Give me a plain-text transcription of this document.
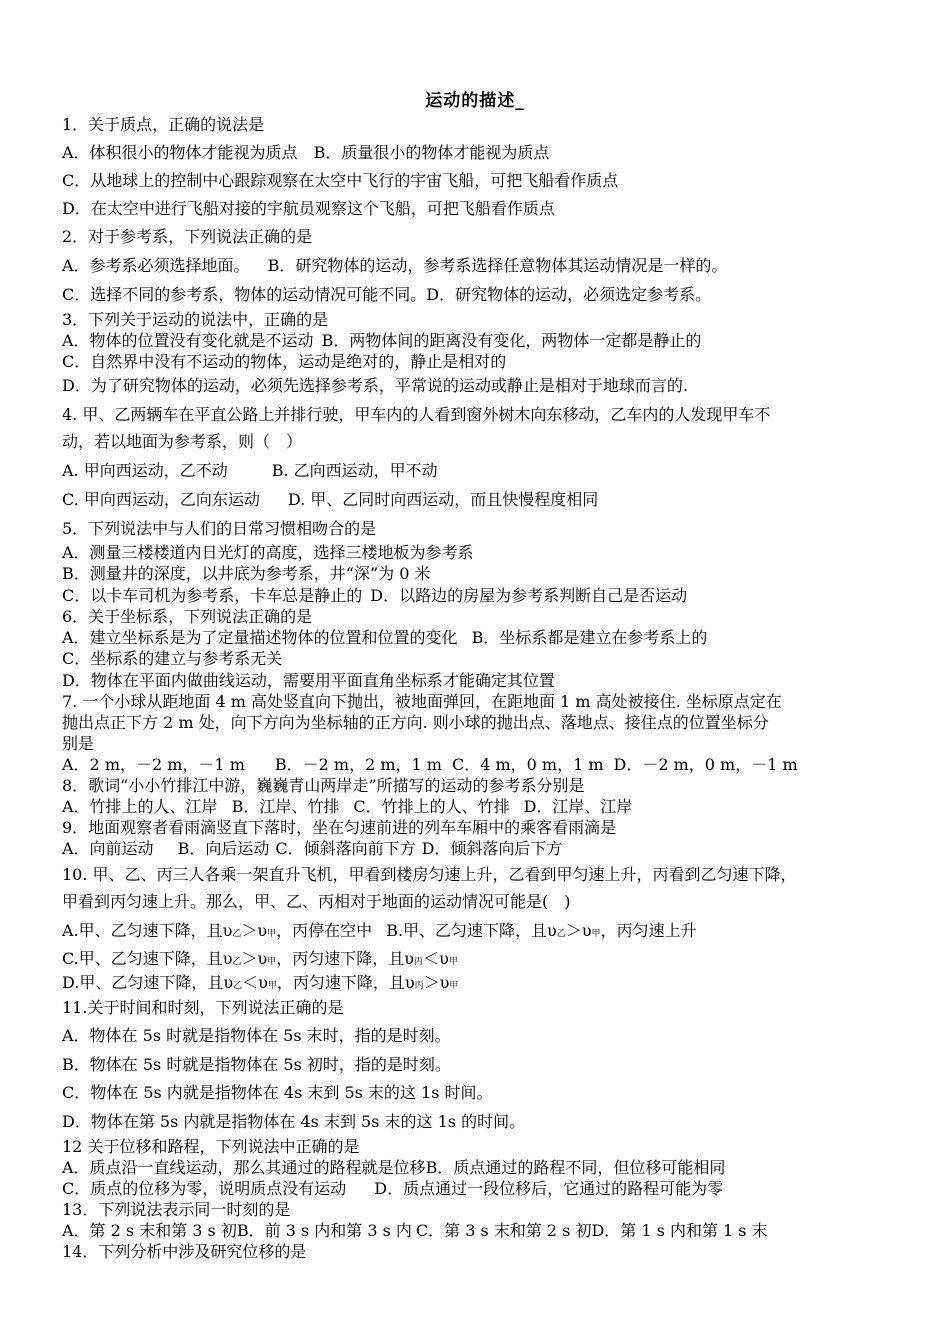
运动的描述_
1．关于质点，正确的说法是
A．体积很小的物体才能视为质点 B．质量很小的物体才能视为质点
C．从地球上的控制中心跟踪观察在太空中飞行的宇宙飞船，可把飞船看作质点
D．在太空中进行飞船对接的宇航员观察这个飞船，可把飞船看作质点
2．对于参考系，下列说法正确的是
A．参考系必须选择地面。 B．研究物体的运动，参考系选择任意物体其运动情况是一样的。
C．选择不同的参考系，物体的运动情况可能不同。D．研究物体的运动，必须选定参考系。
3．下列关于运动的说法中，正确的是
A．物体的位置没有变化就是不运动 B．两物体间的距离没有变化，两物体一定都是静止的
C．自然界中没有不运动的物体，运动是绝对的，静止是相对的
D．为了研究物体的运动，必须先选择参考系，平常说的运动或静止是相对于地球而言的.
4. 甲、乙两辆车在平直公路上并排行驶，甲车内的人看到窗外树木向东移动，乙车内的人发现甲车不
动，若以地面为参考系，则（　）
A. 甲向西运动，乙不动	B. 乙向西运动，甲不动
C. 甲向西运动，乙向东运动 D. 甲、乙同时向西运动，而且快慢程度相同
5．下列说法中与人们的日常习惯相吻合的是
A．测量三楼楼道内日光灯的高度，选择三楼地板为参考系
B．测量井的深度，以井底为参考系，井“深”为 0 米
C．以卡车司机为参考系，卡车总是静止的 D．以路边的房屋为参考系判断自己是否运动
6．关于坐标系，下列说法正确的是
A．建立坐标系是为了定量描述物体的位置和位置的变化 B．坐标系都是建立在参考系上的
C．坐标系的建立与参考系无关
D．物体在平面内做曲线运动，需要用平面直角坐标系才能确定其位置
7. 一个小球从距地面 4 m 高处竖直向下抛出，被地面弹回，在距地面 1 m 高处被接住. 坐标原点定在
抛出点正下方 2 m 处，向下方向为坐标轴的正方向. 则小球的抛出点、落地点、接住点的位置坐标分
别是
A．2 m，－2 m，－1 m B．－2 m，2 m，1 m C．4 m，0 m，1 m D．－2 m，0 m，－1 m
8．歌词“小小竹排江中游，巍巍青山两岸走”所描写的运动的参考系分别是
A．竹排上的人、江岸 B．江岸、竹排 C．竹排上的人、竹排 D．江岸、江岸
9．地面观察者看雨滴竖直下落时，坐在匀速前进的列车车厢中的乘客看雨滴是
A．向前运动 B．向后运动 C．倾斜落向前下方 D．倾斜落向后下方
10. 甲、乙、丙三人各乘一架直升飞机，甲看到楼房匀速上升，乙看到甲匀速上升，丙看到乙匀速下降，
甲看到丙匀速上升。那么，甲、乙、丙相对于地面的运动情况可能是(　)
A.甲、乙匀速下降，且υ乙＞υ甲，丙停在空中 B.甲、乙匀速下降，且υ乙＞υ甲，丙匀速上升
C.甲、乙匀速下降，且υ乙＞υ甲，丙匀速下降，且υ丙＜υ甲
D.甲、乙匀速下降，且υ乙＜υ甲，丙匀速下降，且υ丙＞υ甲
11.关于时间和时刻，下列说法正确的是
A．物体在 5s 时就是指物体在 5s 末时，指的是时刻。
B．物体在 5s 时就是指物体在 5s 初时，指的是时刻。
C．物体在 5s 内就是指物体在 4s 末到 5s 末的这 1s 时间。
D．物体在第 5s 内就是指物体在 4s 末到 5s 末的这 1s 的时间。
12 关于位移和路程，下列说法中正确的是
A．质点沿一直线运动，那么其通过的路程就是位移B．质点通过的路程不同，但位移可能相同
C．质点的位移为零，说明质点没有运动 D．质点通过一段位移后，它通过的路程可能为零
13．下列说法表示同一时刻的是
A．第 2 s 末和第 3 s 初B．前 3 s 内和第 3 s 内 C．第 3 s 末和第 2 s 初D．第 1 s 内和第 1 s 末
14．下列分析中涉及研究位移的是
